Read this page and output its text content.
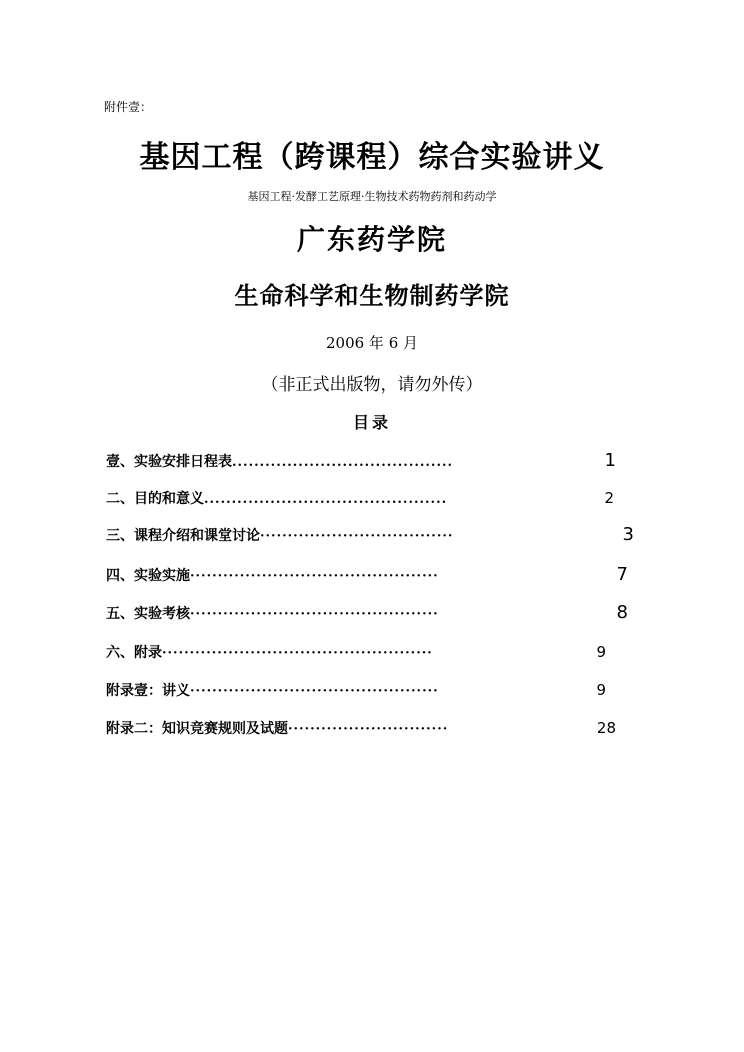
附件壹：
基因工程（跨课程）综合实验讲义
基因工程·发酵工艺原理·生物技术药物药剂和药动学
广东药学院
生命科学和生物制药学院
2006 年 6 月
（非正式出版物，请勿外传）
目录
壹、实验安排日程表 ........................................	1
二、目的和意义 ............................................	2
三、课程介绍和课堂讨论 ···································	3
四、实验实施 ·············································	7
五、实验考核 ·············································	8
六、附录 ·················································	9
附录壹：讲义 ·············································	9
附录二：知识竞赛规则及试题 ·····························	28
